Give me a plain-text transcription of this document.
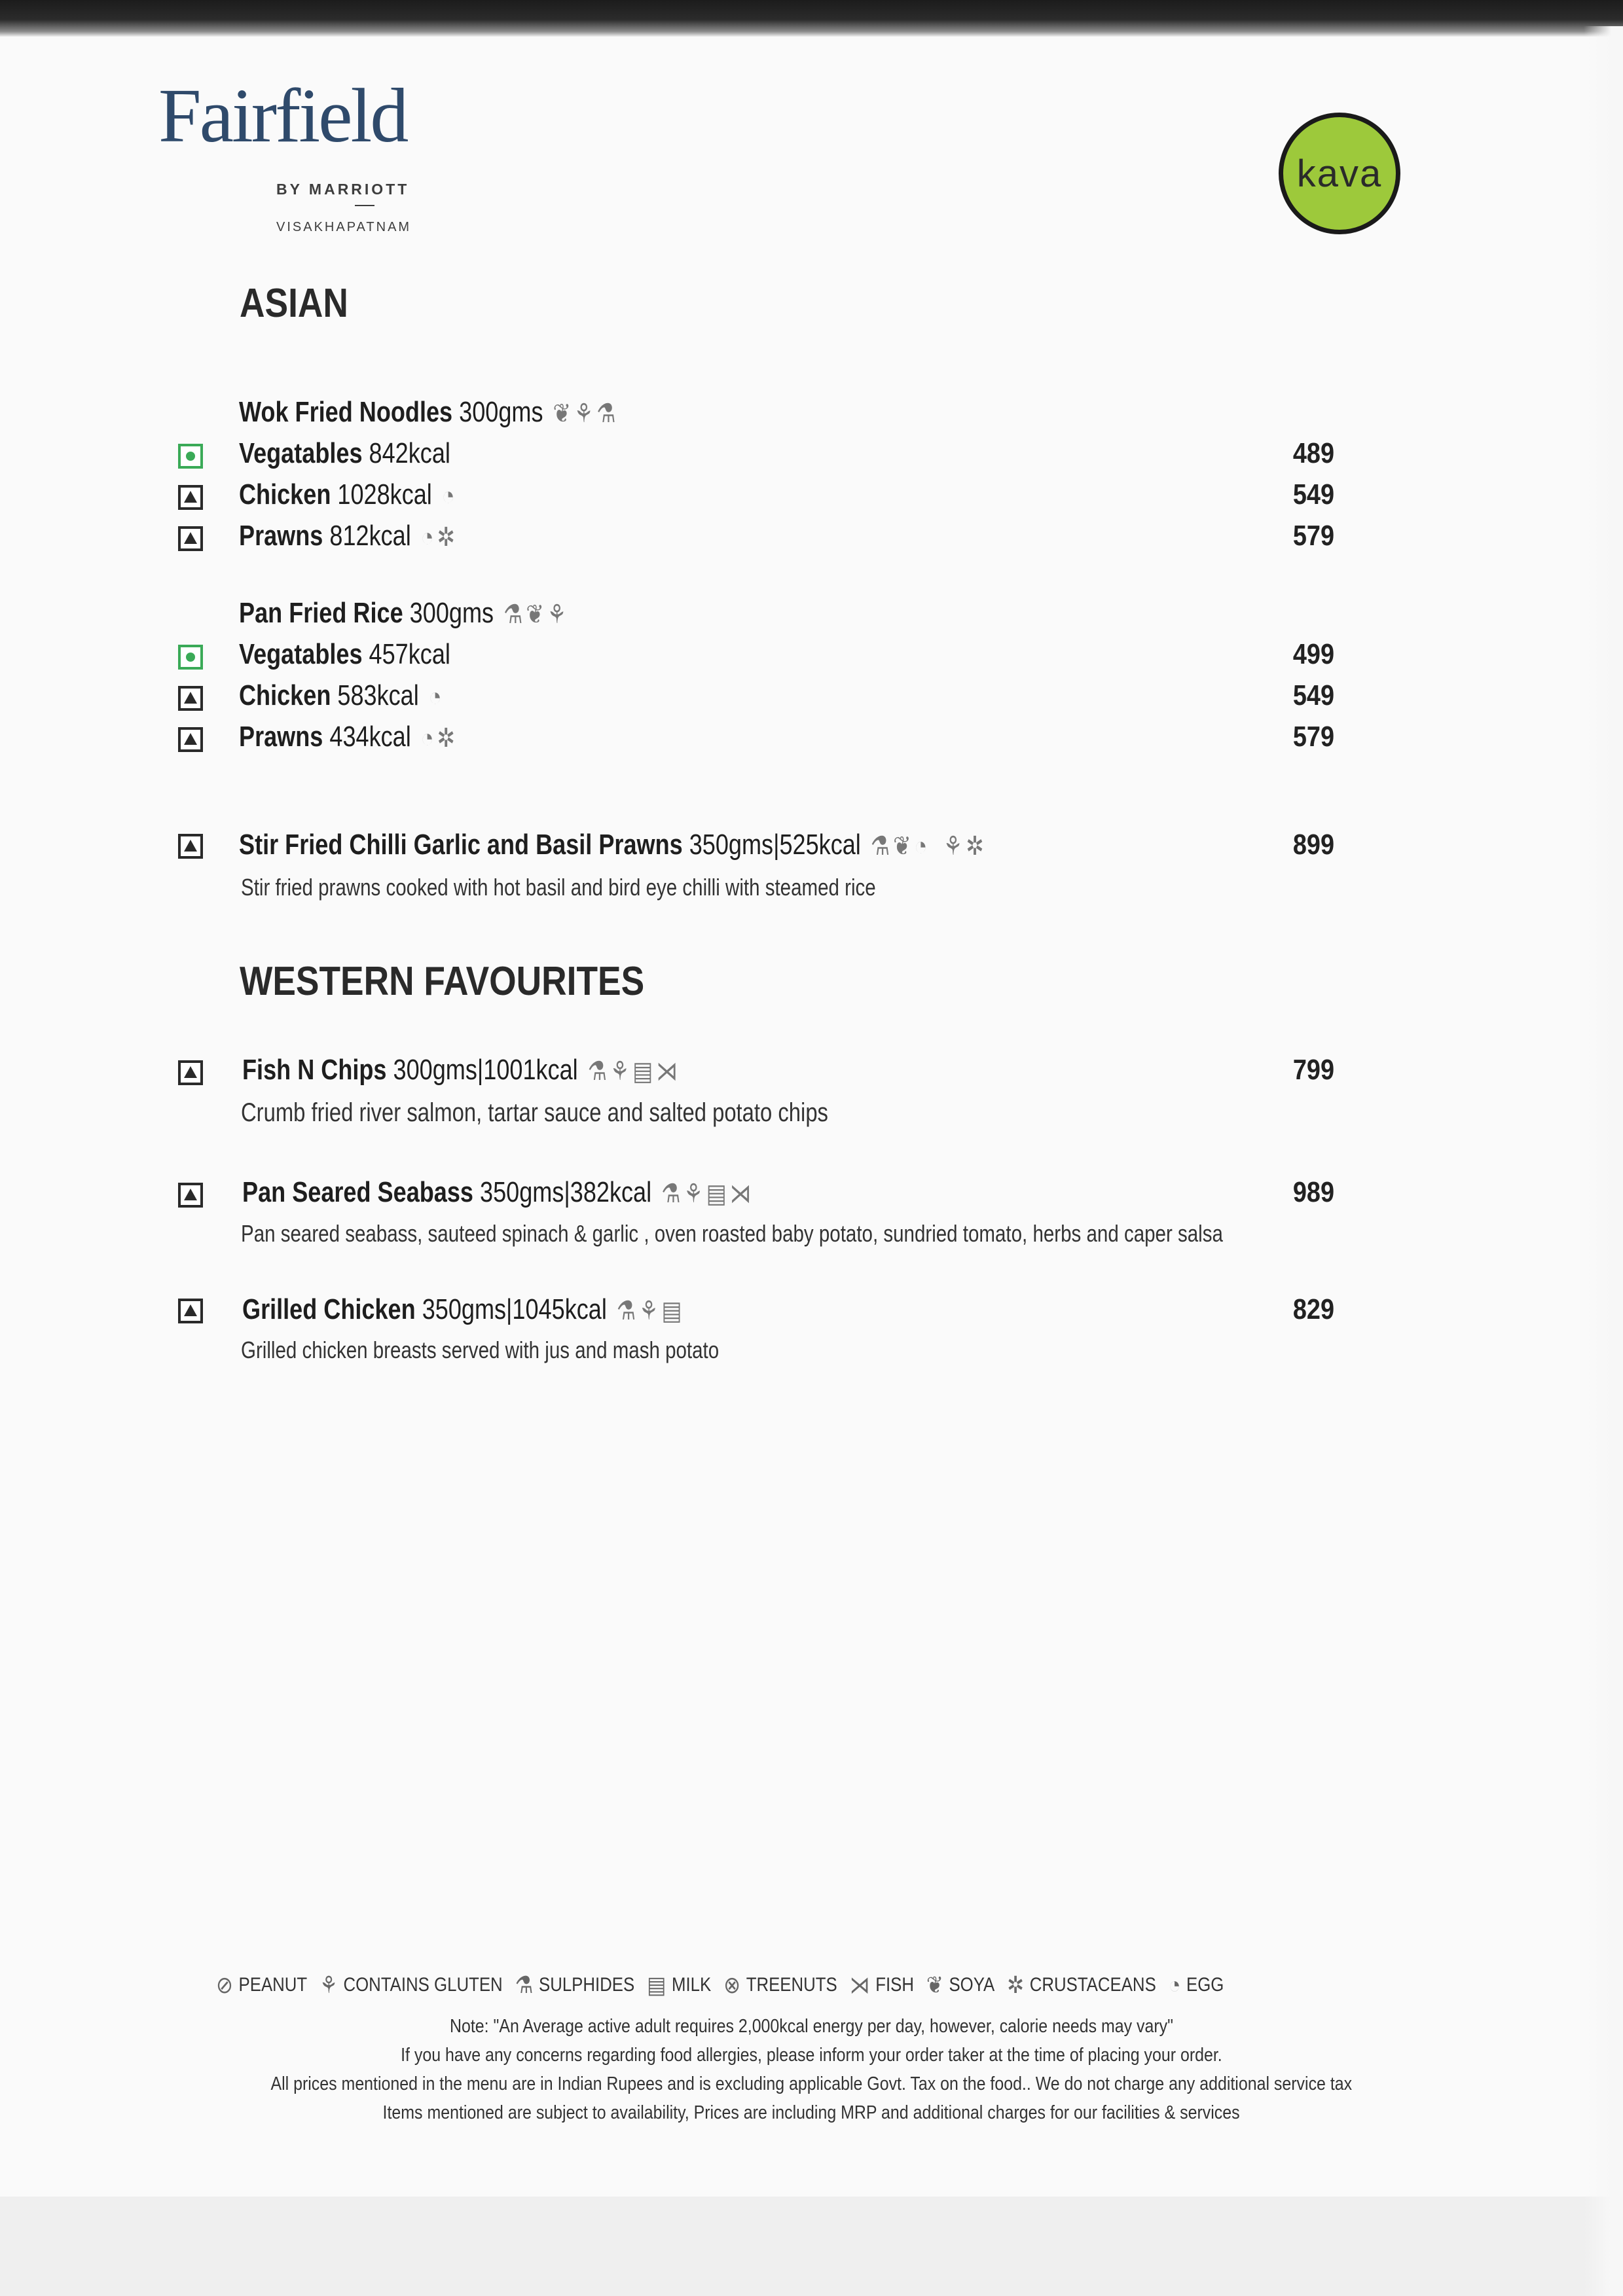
Fairfield
BY MARRIOTT
VISAKHAPATNAM
kava
ASIAN
Wok Fried Noodles 300gms ❦ ⚘ ⚗
Vegatables 842kcal	489
Chicken 1028kcal ◔	549
Prawns 812kcal ◔ ✲	579
Pan Fried Rice 300gms ⚗ ❦ ⚘
Vegatables 457kcal	499
Chicken 583kcal ◔	549
Prawns 434kcal ◔ ✲	579
Stir Fried Chilli Garlic and Basil Prawns 350gms|525kcal ⚗ ❦ ◔ ⚘ ✲	899
Stir fried prawns cooked with hot basil and bird eye chilli with steamed rice
WESTERN FAVOURITES
Fish N Chips 300gms|1001kcal ⚗ ⚘ ▤ ⋊	799
Crumb fried river salmon, tartar sauce and salted potato chips
Pan Seared Seabass 350gms|382kcal ⚗ ⚘ ▤ ⋊	989
Pan seared seabass, sauteed spinach & garlic , oven roasted baby potato, sundried tomato, herbs and caper salsa
Grilled Chicken 350gms|1045kcal ⚗ ⚘ ▤	829
Grilled chicken breasts served with jus and mash potato
⊘ PEANUT ⚘ CONTAINS GLUTEN ⚗ SULPHIDES ▤ MILK ⊗ TREENUTS ⋊ FISH ❦ SOYA ✲ CRUSTACEANS ◔ EGG
Note: "An Average active adult requires 2,000kcal energy per day, however, calorie needs may vary"
If you have any concerns regarding food allergies, please inform your order taker at the time of placing your order.
All prices mentioned in the menu are in Indian Rupees and is excluding applicable Govt. Tax on the food.. We do not charge any additional service tax
Items mentioned are subject to availability, Prices are including MRP and additional charges for our facilities & services
